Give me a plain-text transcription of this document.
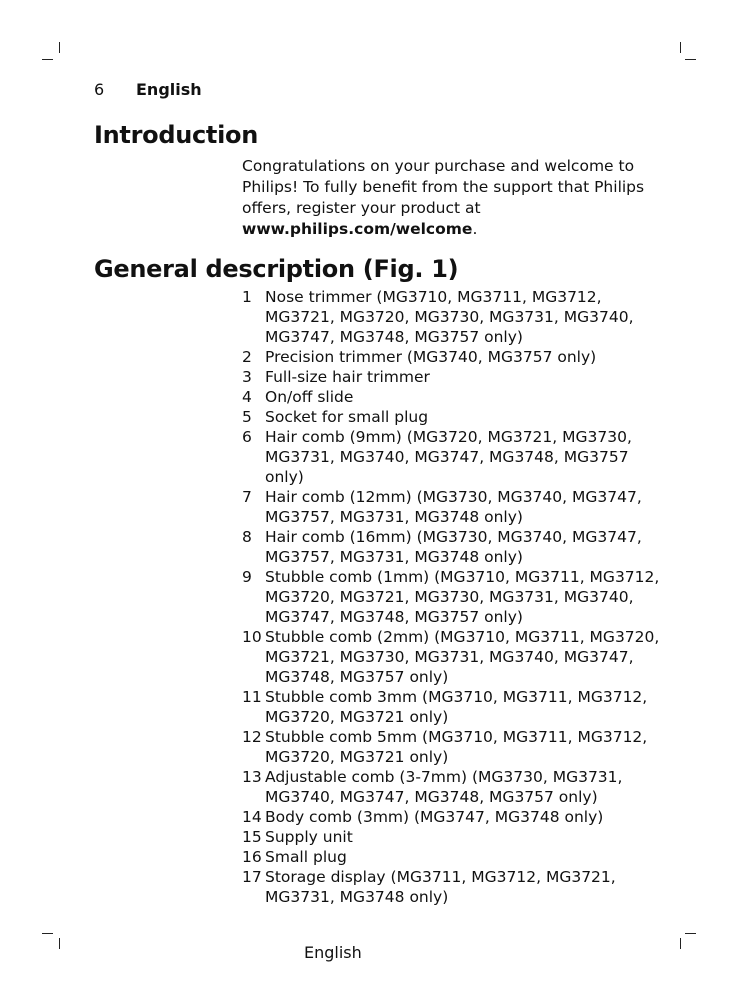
6 English
Introduction
Congratulations on your purchase and welcome to Philips! To fully benefit from the support that Philips offers, register your product at www.philips.com/welcome.
General description (Fig. 1)
1 Nose trimmer (MG3710, MG3711, MG3712, MG3721, MG3720, MG3730, MG3731, MG3740, MG3747, MG3748, MG3757 only)
2 Precision trimmer (MG3740, MG3757 only)
3 Full-size hair trimmer
4 On/off slide
5 Socket for small plug
6 Hair comb (9mm) (MG3720, MG3721, MG3730, MG3731, MG3740, MG3747, MG3748, MG3757 only)
7 Hair comb (12mm) (MG3730, MG3740, MG3747, MG3757, MG3731, MG3748 only)
8 Hair comb (16mm) (MG3730, MG3740, MG3747, MG3757, MG3731, MG3748 only)
9 Stubble comb (1mm) (MG3710, MG3711, MG3712, MG3720, MG3721, MG3730, MG3731, MG3740, MG3747, MG3748, MG3757 only)
10 Stubble comb (2mm) (MG3710, MG3711, MG3720, MG3721, MG3730, MG3731, MG3740, MG3747, MG3748, MG3757 only)
11 Stubble comb 3mm (MG3710, MG3711, MG3712, MG3720, MG3721 only)
12 Stubble comb 5mm (MG3710, MG3711, MG3712, MG3720, MG3721 only)
13 Adjustable comb (3-7mm) (MG3730, MG3731, MG3740, MG3747, MG3748, MG3757 only)
14 Body comb (3mm) (MG3747, MG3748 only)
15 Supply unit
16 Small plug
17 Storage display (MG3711, MG3712, MG3721, MG3731, MG3748 only)
English
